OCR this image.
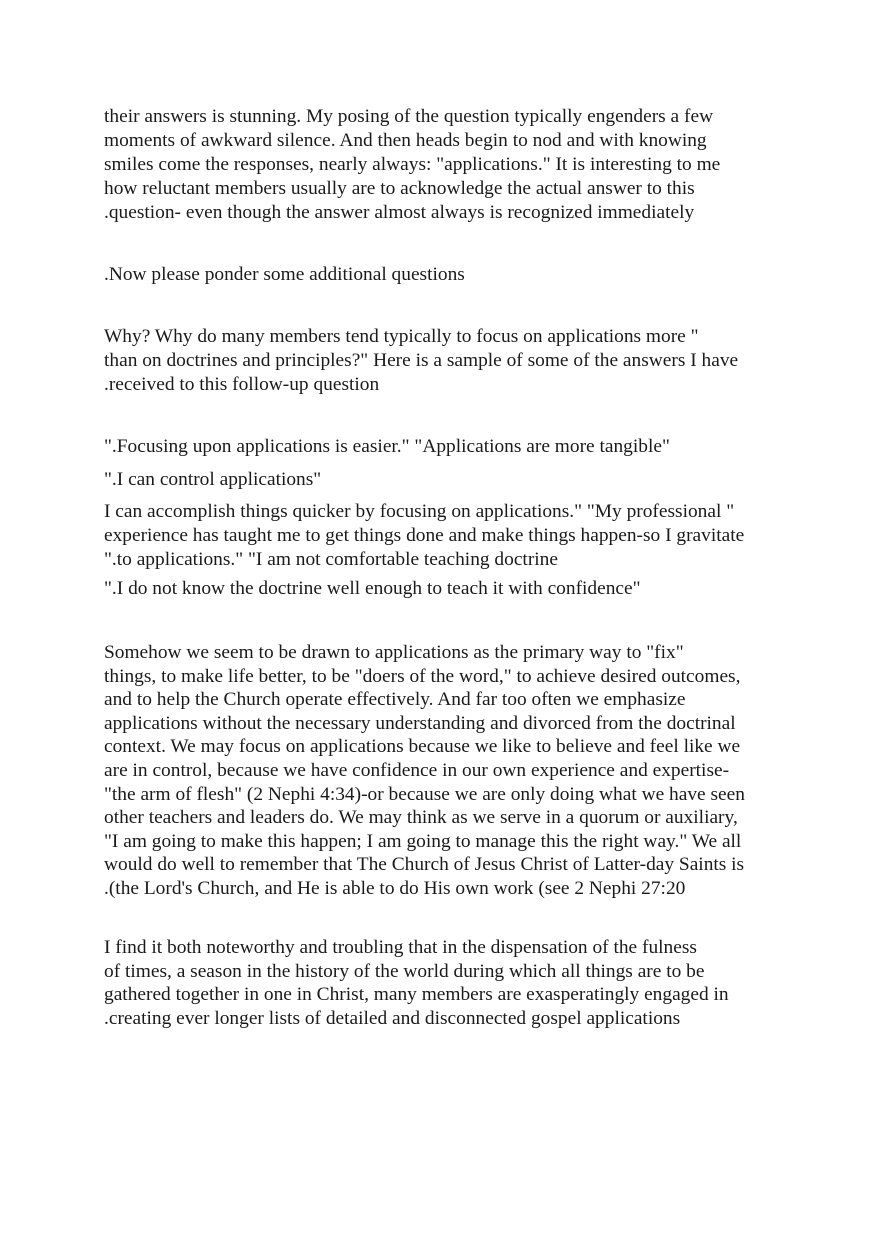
their answers is stunning. My posing of the question typically engenders a few
moments of awkward silence. And then heads begin to nod and with knowing
smiles come the responses, nearly always: "applications." It is interesting to me
how reluctant members usually are to acknowledge the actual answer to this
.question- even though the answer almost always is recognized immediately
.Now please ponder some additional questions
Why? Why do many members tend typically to focus on applications more "
than on doctrines and principles?" Here is a sample of some of the answers I have
.received to this follow-up question
".Focusing upon applications is easier." "Applications are more tangible"
".I can control applications"
I can accomplish things quicker by focusing on applications." "My professional "
experience has taught me to get things done and make things happen-so I gravitate
".to applications." "I am not comfortable teaching doctrine
".I do not know the doctrine well enough to teach it with confidence"
Somehow we seem to be drawn to applications as the primary way to "fix"
things, to make life better, to be "doers of the word," to achieve desired outcomes,
and to help the Church operate effectively. And far too often we emphasize
applications without the necessary understanding and divorced from the doctrinal
context. We may focus on applications because we like to believe and feel like we
are in control, because we have confidence in our own experience and expertise-
"the arm of flesh" (2 Nephi 4:34)-or because we are only doing what we have seen
other teachers and leaders do. We may think as we serve in a quorum or auxiliary,
"I am going to make this happen; I am going to manage this the right way." We all
would do well to remember that The Church of Jesus Christ of Latter-day Saints is
.(the Lord's Church, and He is able to do His own work (see 2 Nephi 27:20
I find it both noteworthy and troubling that in the dispensation of the fulness
of times, a season in the history of the world during which all things are to be
gathered together in one in Christ, many members are exasperatingly engaged in
.creating ever longer lists of detailed and disconnected gospel applications
